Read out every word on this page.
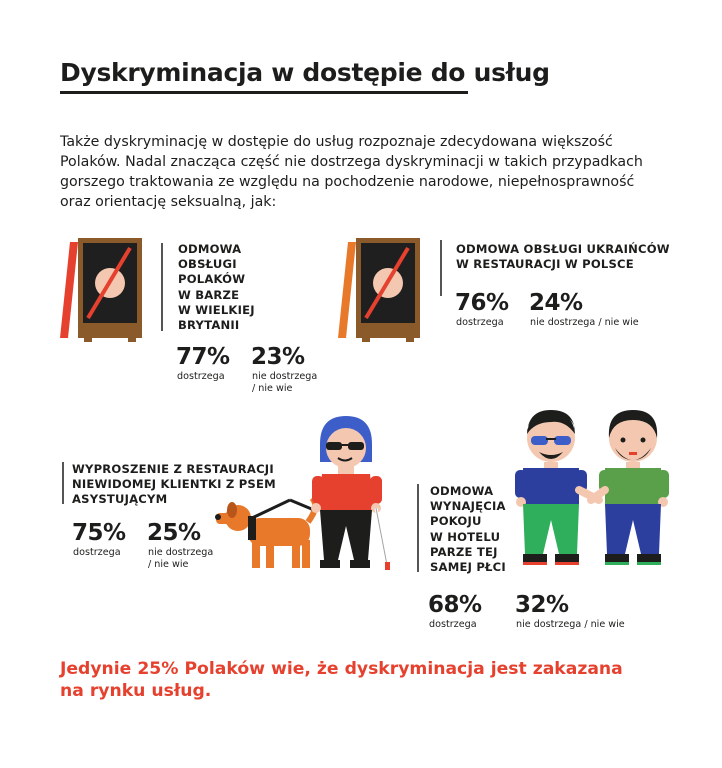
Dyskryminacja w dostępie do usług

Także dyskryminację w dostępie do usług rozpoznaje zdecydowana większość Polaków. Nadal znacząca część nie dostrzega dyskryminacji w takich przypadkach gorszego traktowania ze względu na pochodzenie narodowe, niepełnosprawność oraz orientację seksualną, jak:

ODMOWA
OBSŁUGI
POLAKÓW
W BARZE
W WIELKIEJ
BRYTANII
77%
dostrzega
23%
nie dostrzega
/ nie wie
ODMOWA OBSŁUGI UKRAIŃCÓW
W RESTAURACJI W POLSCE
76%
dostrzega
24%
nie dostrzega / nie wie
WYPROSZENIE Z RESTAURACJI
NIEWIDOMEJ KLIENTKI Z PSEM
ASYSTUJĄCYM
75%
dostrzega
25%
nie dostrzega
/ nie wie
ODMOWA
WYNAJĘCIA
POKOJU
W HOTELU
PARZE TEJ
SAMEJ PŁCI
68%
dostrzega
32%
nie dostrzega / nie wie
Jedynie 25% Polaków wie, że dyskryminacja jest zakazana
na rynku usług.
